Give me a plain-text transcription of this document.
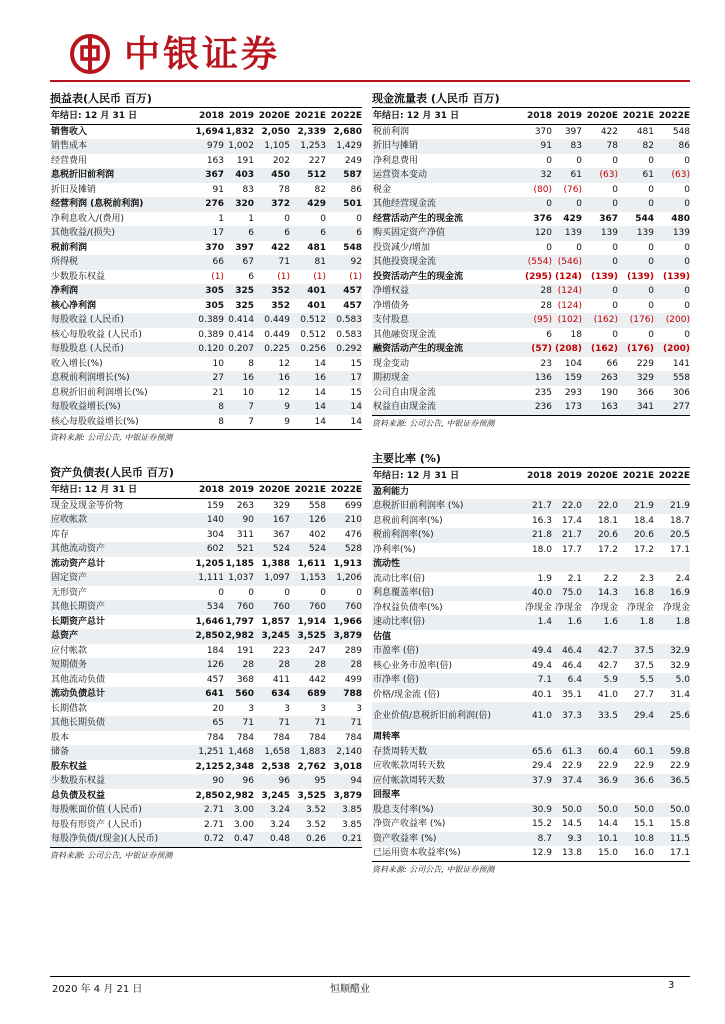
中银证券
损益表(人民币 百万)
年结日: 12 月 31 日	2018	2019	2020E	2021E	2022E
销售收入	1,694	1,832	2,050	2,339	2,680
销售成本	979	1,002	1,105	1,253	1,429
经营费用	163	191	202	227	249
息税折旧前利润	367	403	450	512	587
折旧及摊销	91	83	78	82	86
经营利润 (息税前利润)	276	320	372	429	501
净利息收入/(费用)	1	1	0	0	0
其他收益/(损失)	17	6	6	6	6
税前利润	370	397	422	481	548
所得税	66	67	71	81	92
少数股东权益	(1)	6	(1)	(1)	(1)
净利润	305	325	352	401	457
核心净利润	305	325	352	401	457
每股收益 (人民币)	0.389	0.414	0.449	0.512	0.583
核心每股收益 (人民币)	0.389	0.414	0.449	0.512	0.583
每股股息 (人民币)	0.120	0.207	0.225	0.256	0.292
收入增长(%)	10	8	12	14	15
息税前利润增长(%)	27	16	16	16	17
息税折旧前利润增长(%)	21	10	12	14	15
每股收益增长(%)	8	7	9	14	14
核心每股收益增长(%)	8	7	9	14	14
资料来源: 公司公告, 中银证券预测
现金流量表 (人民币 百万)
年结日: 12 月 31 日	2018	2019	2020E	2021E	2022E
税前利润	370	397	422	481	548
折旧与摊销	91	83	78	82	86
净利息费用	0	0	0	0	0
运营资本变动	32	61	(63)	61	(63)
税金	(80)	(76)	0	0	0
其他经营现金流	0	0	0	0	0
经营活动产生的现金流	376	429	367	544	480
购买固定资产净值	120	139	139	139	139
投资减少/增加	0	0	0	0	0
其他投资现金流	(554)	(546)	0	0	0
投资活动产生的现金流	(295)	(124)	(139)	(139)	(139)
净增权益	28	(124)	0	0	0
净增债务	28	(124)	0	0	0
支付股息	(95)	(102)	(162)	(176)	(200)
其他融资现金流	6	18	0	0	0
融资活动产生的现金流	(57)	(208)	(162)	(176)	(200)
现金变动	23	104	66	229	141
期初现金	136	159	263	329	558
公司自由现金流	235	293	190	366	306
权益自由现金流	236	173	163	341	277
资料来源: 公司公告, 中银证券预测
资产负债表(人民币 百万)
年结日: 12 月 31 日	2018	2019	2020E	2021E	2022E
现金及现金等价物	159	263	329	558	699
应收帐款	140	90	167	126	210
库存	304	311	367	402	476
其他流动资产	602	521	524	524	528
流动资产总计	1,205	1,185	1,388	1,611	1,913
固定资产	1,111	1,037	1,097	1,153	1,206
无形资产	0	0	0	0	0
其他长期资产	534	760	760	760	760
长期资产总计	1,646	1,797	1,857	1,914	1,966
总资产	2,850	2,982	3,245	3,525	3,879
应付帐款	184	191	223	247	289
短期债务	126	28	28	28	28
其他流动负债	457	368	411	442	499
流动负债总计	641	560	634	689	788
长期借款	20	3	3	3	3
其他长期负债	65	71	71	71	71
股本	784	784	784	784	784
储备	1,251	1,468	1,658	1,883	2,140
股东权益	2,125	2,348	2,538	2,762	3,018
少数股东权益	90	96	96	95	94
总负债及权益	2,850	2,982	3,245	3,525	3,879
每股帐面价值 (人民币)	2.71	3.00	3.24	3.52	3.85
每股有形资产 (人民币)	2.71	3.00	3.24	3.52	3.85
每股净负债/(现金)(人民币)	0.72	0.47	0.48	0.26	0.21
资料来源: 公司公告, 中银证券预测
主要比率 (%)
年结日: 12 月 31 日	2018	2019	2020E	2021E	2022E
盈利能力					
息税折旧前利润率 (%)	21.7	22.0	22.0	21.9	21.9
息税前利润率(%)	16.3	17.4	18.1	18.4	18.7
税前利润率(%)	21.8	21.7	20.6	20.6	20.5
净利率(%)	18.0	17.7	17.2	17.2	17.1
流动性					
流动比率(倍)	1.9	2.1	2.2	2.3	2.4
利息覆盖率(倍)	40.0	75.0	14.3	16.8	16.9
净权益负债率(%)	净现金	净现金	净现金	净现金	净现金
速动比率(倍)	1.4	1.6	1.6	1.8	1.8
估值					
市盈率 (倍)	49.4	46.4	42.7	37.5	32.9
核心业务市盈率(倍)	49.4	46.4	42.7	37.5	32.9
市净率 (倍)	7.1	6.4	5.9	5.5	5.0
价格/现金流 (倍)	40.1	35.1	41.0	27.7	31.4
企业价值/息税折旧前利润(倍)	41.0	37.3	33.5	29.4	25.6
周转率					
存货周转天数	65.6	61.3	60.4	60.1	59.8
应收帐款周转天数	29.4	22.9	22.9	22.9	22.9
应付帐款周转天数	37.9	37.4	36.9	36.6	36.5
回报率					
股息支付率(%)	30.9	50.0	50.0	50.0	50.0
净资产收益率 (%)	15.2	14.5	14.4	15.1	15.8
资产收益率 (%)	8.7	9.3	10.1	10.8	11.5
已运用资本收益率(%)	12.9	13.8	15.0	16.0	17.1
资料来源: 公司公告, 中银证券预测
2020 年 4 月 21 日	恒顺醋业	3
